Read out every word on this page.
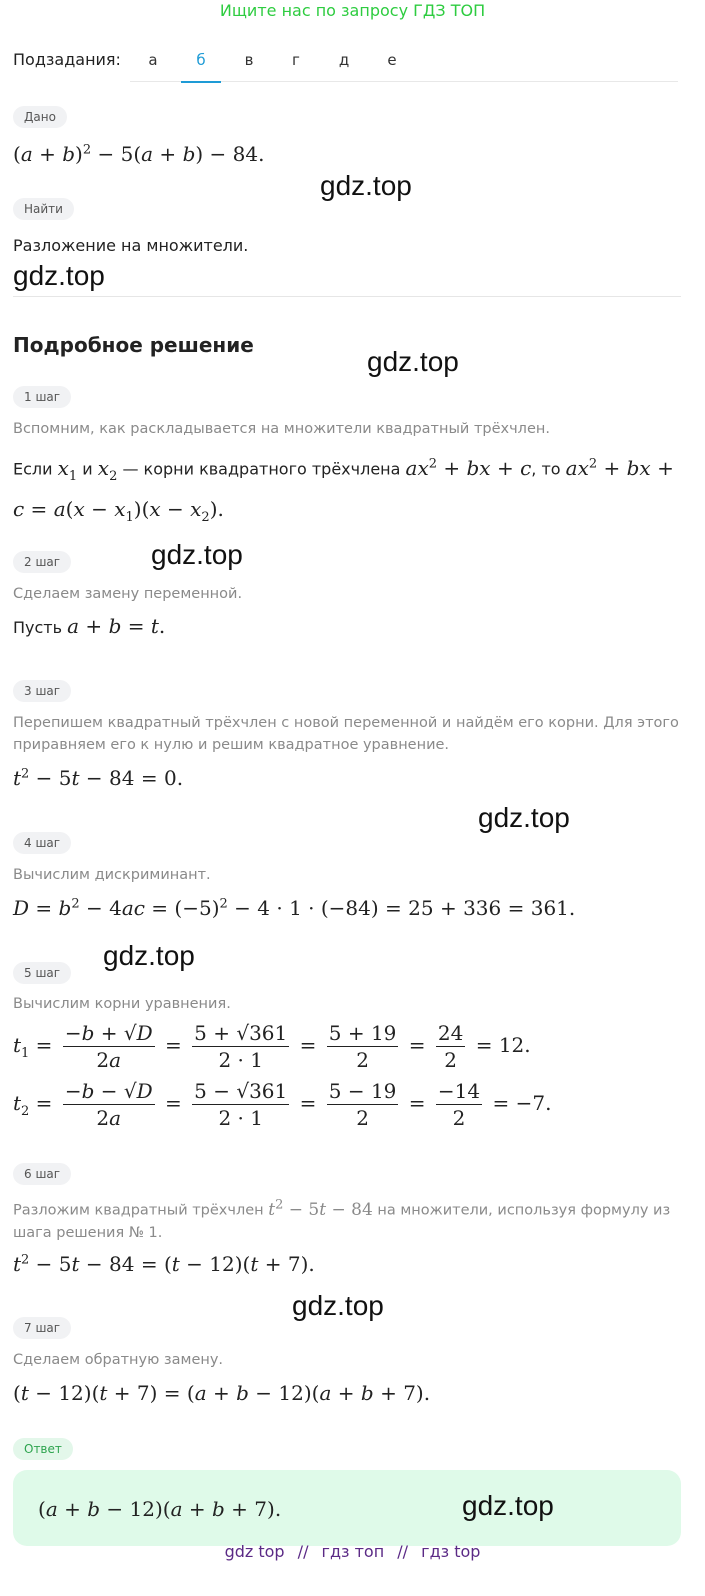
Ищите нас по запросу ГДЗ ТОП
Подзадания:	а	б	в	г	д	е
Дано
$(a + b)^2 - 5(a + b) - 84$.
gdz.top
Найти
Разложение на множители.
gdz.top
Подробное решение
gdz.top
1 шаг
Вспомним, как раскладывается на множители квадратный трёхчлен.
Если $x_1$ и $x_2$ — корни квадратного трёхчлена $ax^2$ + bx + c, то $ax^2$ + bx +
$c = a(x - x_1)(x - x_2)$.
2 шаг	gdz.top
Сделаем замену переменной.
Пусть a + b = t.
3 шаг
Перепишем квадратный трёхчлен с новой переменной и найдём его корни. Для этого приравняем его к нулю и решим квадратное уравнение.
$t^2 - 5t - 84 = 0$.
gdz.top
4 шаг
Вычислим дискриминант.
$D = b^2 - 4ac = (-5)^2 - 4 \cdot 1 \cdot (-84) = 25 + 336 = 361$.
gdz.top
5 шаг
Вычислим корни уравнения.
$t_1 = \frac{-b + √D}{2a} = \frac{5 + √361}{2 \cdot 1} = \frac{5 + 19}{2} = \frac{24}{2} = 12$.
$t_2 = \frac{-b - √D}{2a} = \frac{5 - √361}{2 \cdot 1} = \frac{5 - 19}{2} = \frac{-14}{2} = -7$.
6 шаг
Разложим квадратный трёхчлен $t^2 - 5t - 84$ на множители, используя формулу из шага решения № 1.
$t^2 - 5t - 84 = (t - 12)(t + 7)$.
gdz.top
7 шаг
Сделаем обратную замену.
(t − 12)(t + 7) = (a + b − 12)(a + b + 7).
Ответ
(a + b − 12)(a + b + 7).	gdz.top
gdz top // гдз топ // гдз top
